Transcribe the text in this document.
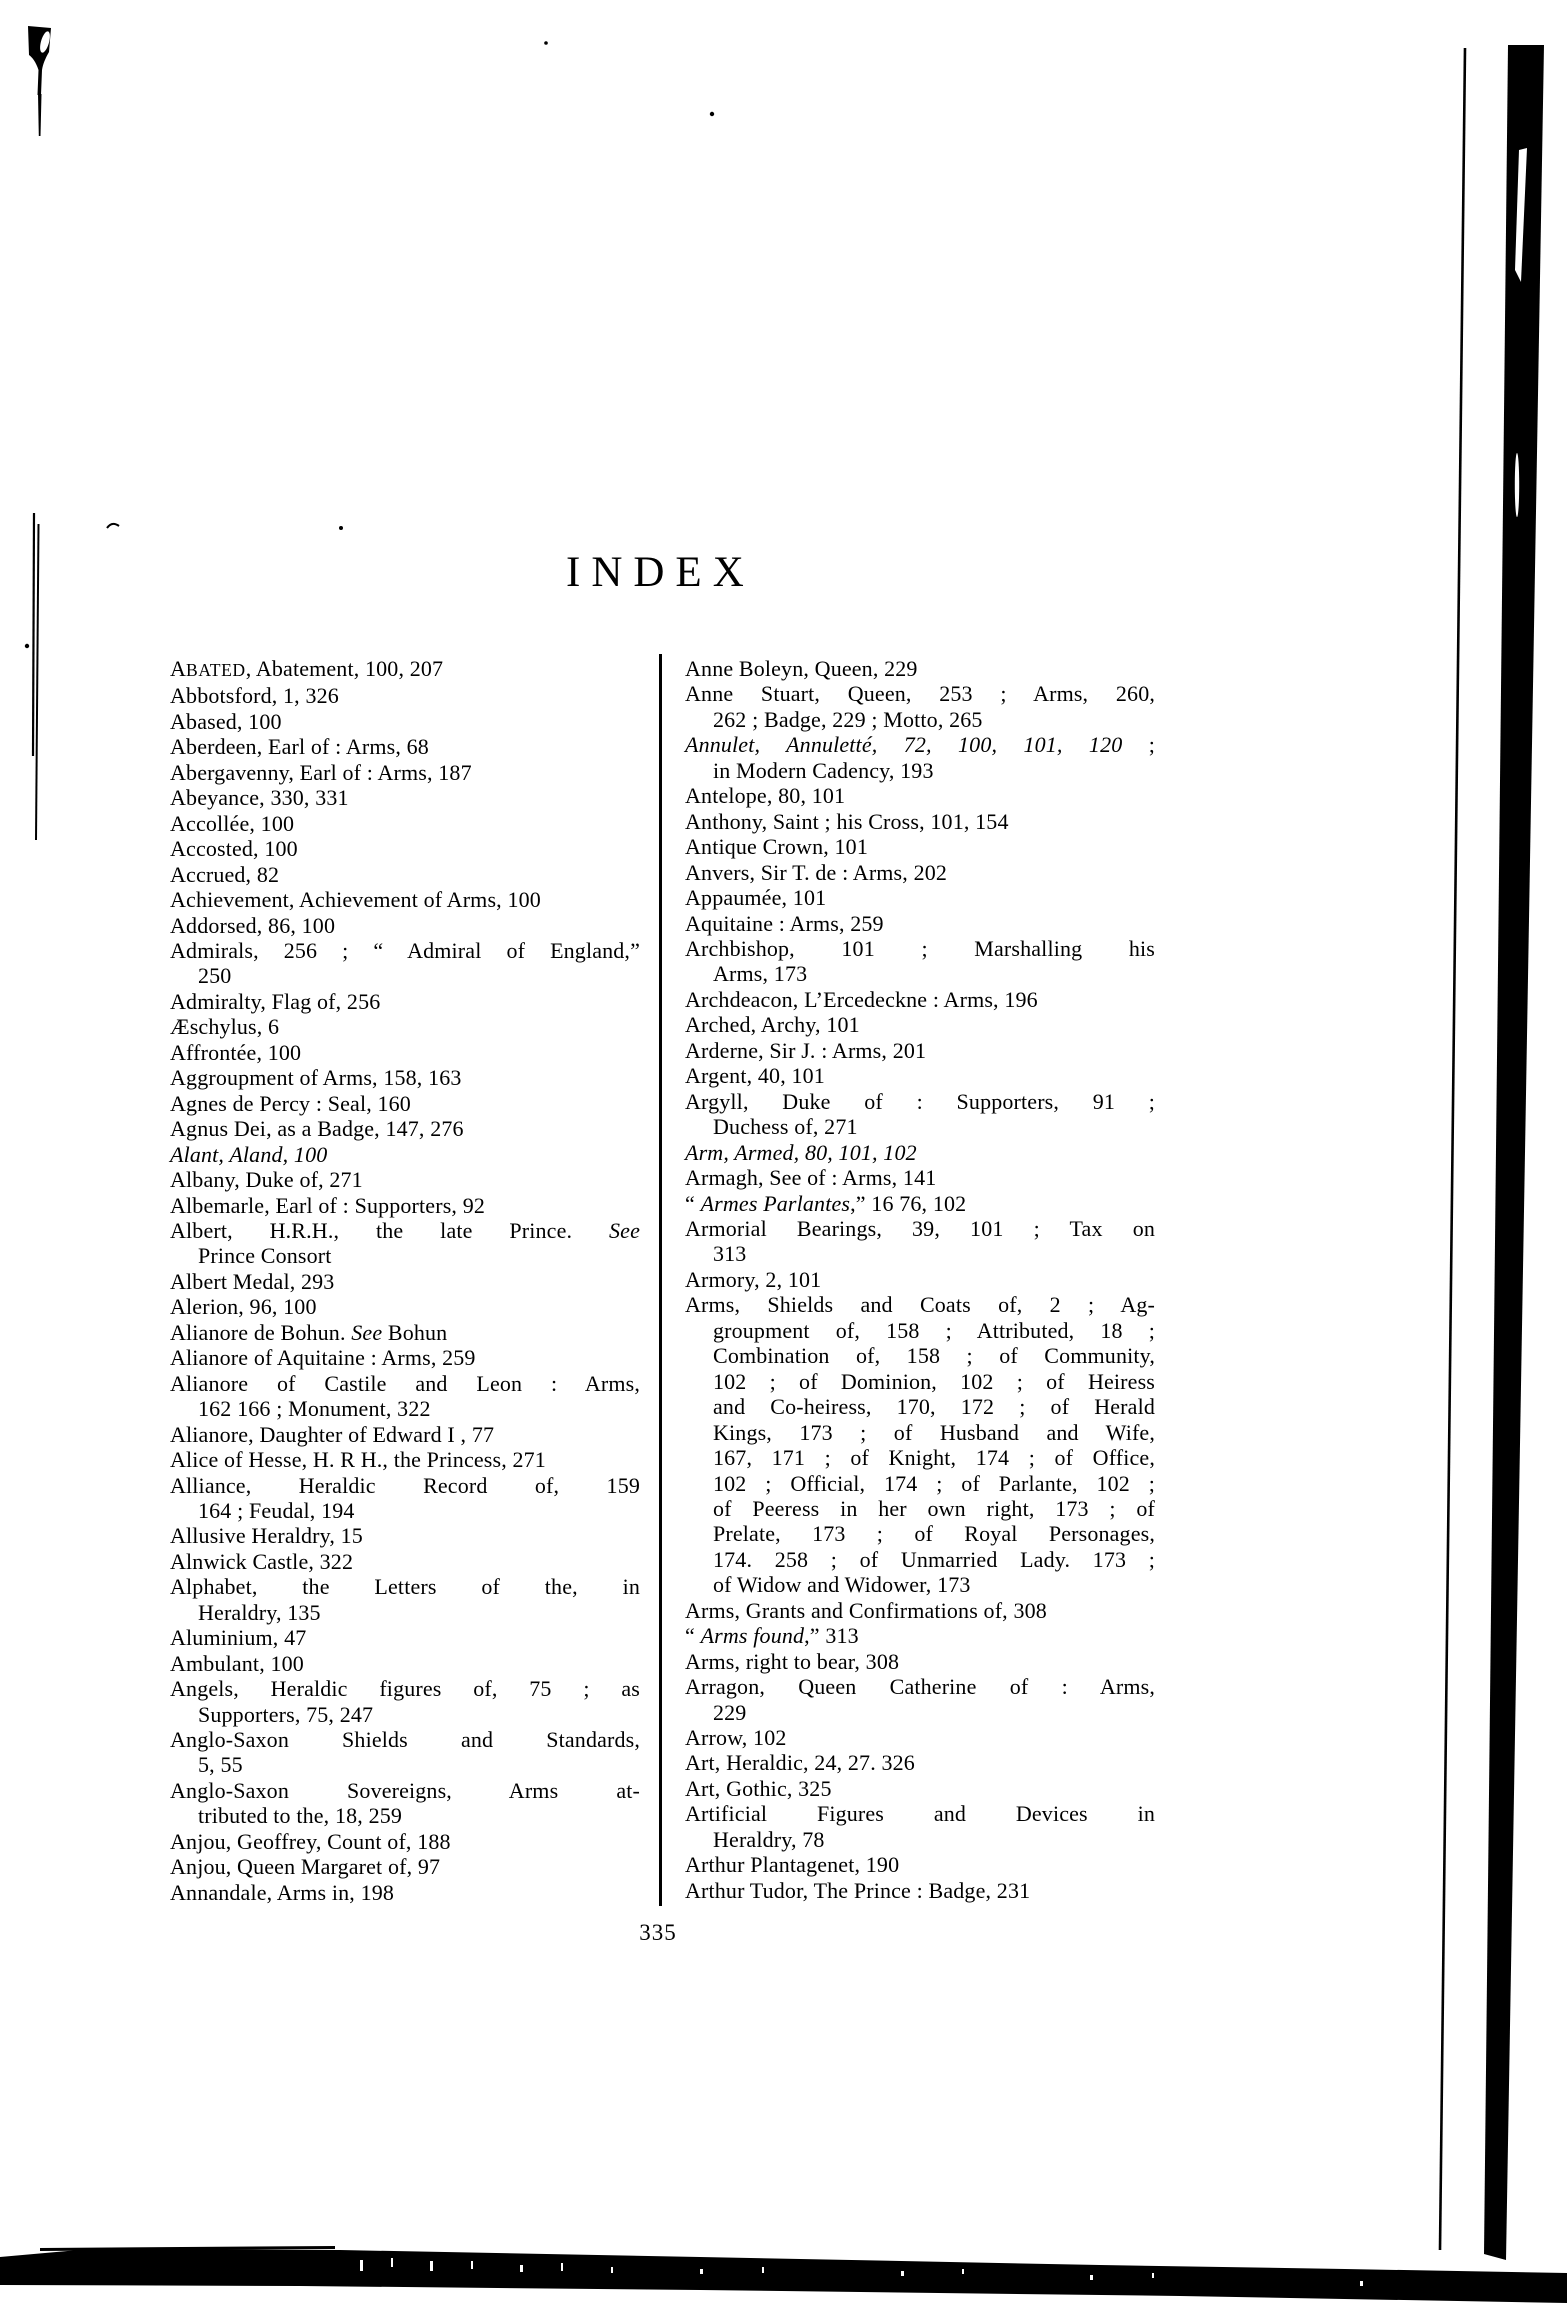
INDEX
ABATED, Abatement, 100, 207
Abbotsford, 1, 326
Abased, 100
Aberdeen, Earl of : Arms, 68
Abergavenny, Earl of : Arms, 187
Abeyance, 330, 331
Accollée, 100
Accosted, 100
Accrued, 82
Achievement, Achievement of Arms, 100
Addorsed, 86, 100
Admirals, 256 ; “ Admiral of England,”
250
Admiralty, Flag of, 256
Æschylus, 6
Affrontée, 100
Aggroupment of Arms, 158, 163
Agnes de Percy : Seal, 160
Agnus Dei, as a Badge, 147, 276
Alant, Aland, 100
Albany, Duke of, 271
Albemarle, Earl of : Supporters, 92
Albert, H.R.H., the late Prince. See
Prince Consort
Albert Medal, 293
Alerion, 96, 100
Alianore de Bohun. See Bohun
Alianore of Aquitaine : Arms, 259
Alianore of Castile and Leon : Arms,
162 166 ; Monument, 322
Alianore, Daughter of Edward I , 77
Alice of Hesse, H. R H., the Princess, 271
Alliance, Heraldic Record of, 159
164 ; Feudal, 194
Allusive Heraldry, 15
Alnwick Castle, 322
Alphabet, the Letters of the, in
Heraldry, 135
Aluminium, 47
Ambulant, 100
Angels, Heraldic figures of, 75 ; as
Supporters, 75, 247
Anglo-Saxon Shields and Standards,
5, 55
Anglo-Saxon Sovereigns, Arms at-
tributed to the, 18, 259
Anjou, Geoffrey, Count of, 188
Anjou, Queen Margaret of, 97
Annandale, Arms in, 198
Anne Boleyn, Queen, 229
Anne Stuart, Queen, 253 ; Arms, 260,
262 ; Badge, 229 ; Motto, 265
Annulet, Annuletté, 72, 100, 101, 120 ;
in Modern Cadency, 193
Antelope, 80, 101
Anthony, Saint ; his Cross, 101, 154
Antique Crown, 101
Anvers, Sir T. de : Arms, 202
Appaumée, 101
Aquitaine : Arms, 259
Archbishop, 101 ; Marshalling his
Arms, 173
Archdeacon, L’Ercedeckne : Arms, 196
Arched, Archy, 101
Arderne, Sir J. : Arms, 201
Argent, 40, 101
Argyll, Duke of : Supporters, 91 ;
Duchess of, 271
Arm, Armed, 80, 101, 102
Armagh, See of : Arms, 141
“ Armes Parlantes,” 16 76, 102
Armorial Bearings, 39, 101 ; Tax on
313
Armory, 2, 101
Arms, Shields and Coats of, 2 ; Ag-
groupment of, 158 ; Attributed, 18 ;
Combination of, 158 ; of Community,
102 ; of Dominion, 102 ; of Heiress
and Co-heiress, 170, 172 ; of Herald
Kings, 173 ; of Husband and Wife,
167, 171 ; of Knight, 174 ; of Office,
102 ; Official, 174 ; of Parlante, 102 ;
of Peeress in her own right, 173 ; of
Prelate, 173 ; of Royal Personages,
174. 258 ; of Unmarried Lady. 173 ;
of Widow and Widower, 173
Arms, Grants and Confirmations of, 308
“ Arms found,” 313
Arms, right to bear, 308
Arragon, Queen Catherine of : Arms,
229
Arrow, 102
Art, Heraldic, 24, 27. 326
Art, Gothic, 325
Artificial Figures and Devices in
Heraldry, 78
Arthur Plantagenet, 190
Arthur Tudor, The Prince : Badge, 231
335
